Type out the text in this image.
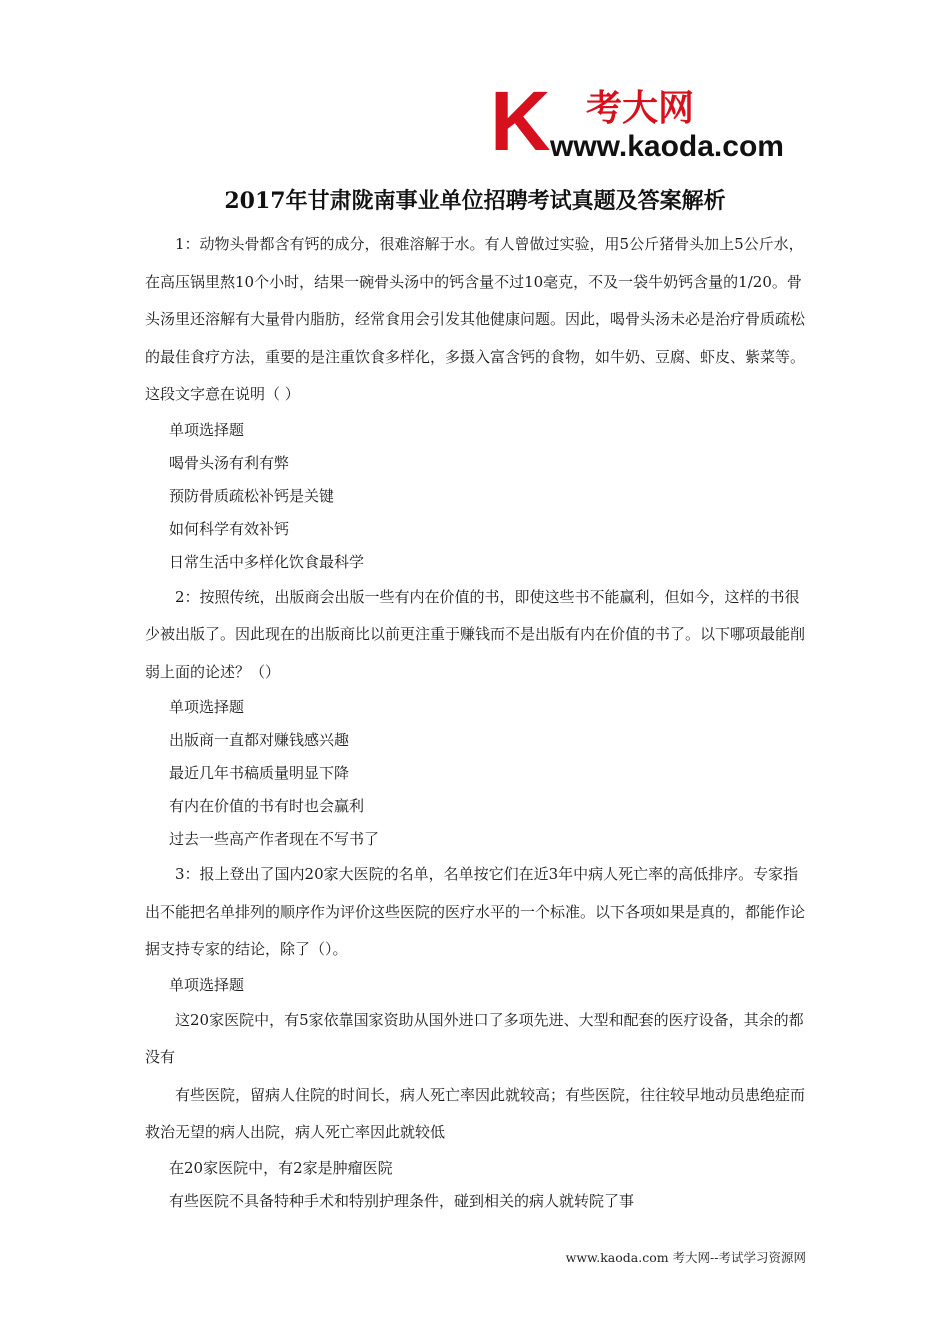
K 考大网
www.kaoda.com
2017年甘肃陇南事业单位招聘考试真题及答案解析

1：动物头骨都含有钙的成分，很难溶解于水。有人曾做过实验，用5公斤猪骨头加上5公斤水，在高压锅里熬10个小时，结果一碗骨头汤中的钙含量不过10毫克，不及一袋牛奶钙含量的1/20。骨头汤里还溶解有大量骨内脂肪，经常食用会引发其他健康问题。因此，喝骨头汤未必是治疗骨质疏松的最佳食疗方法，重要的是注重饮食多样化，多摄入富含钙的食物，如牛奶、豆腐、虾皮、紫菜等。　　这段文字意在说明（ ）

单项选择题

喝骨头汤有利有弊

预防骨质疏松补钙是关键

如何科学有效补钙

日常生活中多样化饮食最科学

2：按照传统，出版商会出版一些有内在价值的书，即使这些书不能赢利，但如今，这样的书很少被出版了。因此现在的出版商比以前更注重于赚钱而不是出版有内在价值的书了。以下哪项最能削弱上面的论述？（）

单项选择题

出版商一直都对赚钱感兴趣

最近几年书稿质量明显下降

有内在价值的书有时也会赢利

过去一些高产作者现在不写书了

3：报上登出了国内20家大医院的名单，名单按它们在近3年中病人死亡率的高低排序。专家指出不能把名单排列的顺序作为评价这些医院的医疗水平的一个标准。以下各项如果是真的，都能作论据支持专家的结论，除了（）。

单项选择题

这20家医院中，有5家依靠国家资助从国外进口了多项先进、大型和配套的医疗设备，其余的都没有

有些医院，留病人住院的时间长，病人死亡率因此就较高；有些医院，往往较早地动员患绝症而救治无望的病人出院，病人死亡率因此就较低

在20家医院中，有2家是肿瘤医院

有些医院不具备特种手术和特别护理条件，碰到相关的病人就转院了事

www.kaoda.com 考大网--考试学习资源网
